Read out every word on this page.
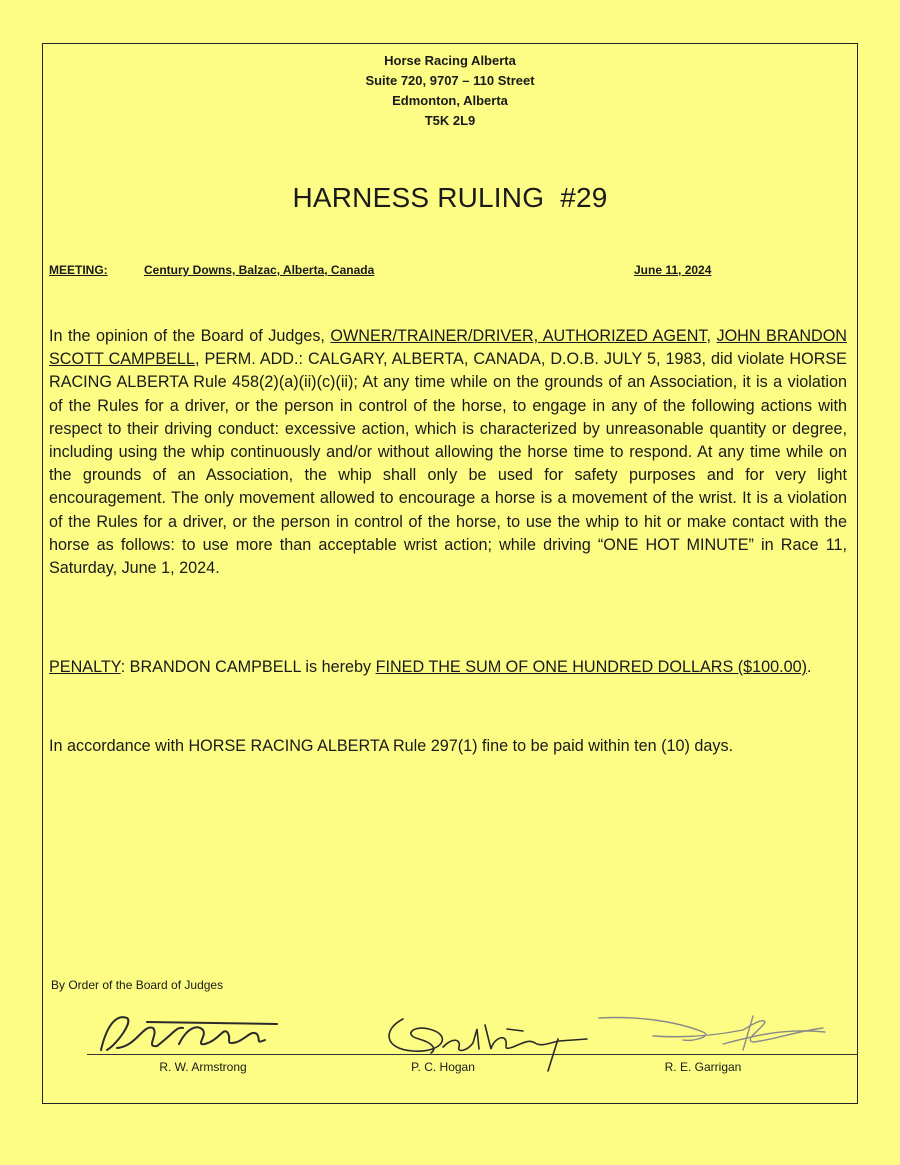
Horse Racing Alberta
Suite 720, 9707 – 110 Street
Edmonton, Alberta
T5K 2L9
HARNESS RULING #29
MEETING:	Century Downs, Balzac, Alberta, Canada	June 11, 2024
In the opinion of the Board of Judges, OWNER/TRAINER/DRIVER, AUTHORIZED AGENT, JOHN BRANDON SCOTT CAMPBELL, PERM. ADD.: CALGARY, ALBERTA, CANADA, D.O.B. JULY 5, 1983, did violate HORSE RACING ALBERTA Rule 458(2)(a)(ii)(c)(ii); At any time while on the grounds of an Association, it is a violation of the Rules for a driver, or the person in control of the horse, to engage in any of the following actions with respect to their driving conduct: excessive action, which is characterized by unreasonable quantity or degree, including using the whip continuously and/or without allowing the horse time to respond. At any time while on the grounds of an Association, the whip shall only be used for safety purposes and for very light encouragement. The only movement allowed to encourage a horse is a movement of the wrist. It is a violation of the Rules for a driver, or the person in control of the horse, to use the whip to hit or make contact with the horse as follows: to use more than acceptable wrist action; while driving “ONE HOT MINUTE” in Race 11, Saturday, June 1, 2024.
PENALTY: BRANDON CAMPBELL is hereby FINED THE SUM OF ONE HUNDRED DOLLARS ($100.00).
In accordance with HORSE RACING ALBERTA Rule 297(1) fine to be paid within ten (10) days.
By Order of the Board of Judges
R. W. Armstrong	P. C. Hogan	R. E. Garrigan
